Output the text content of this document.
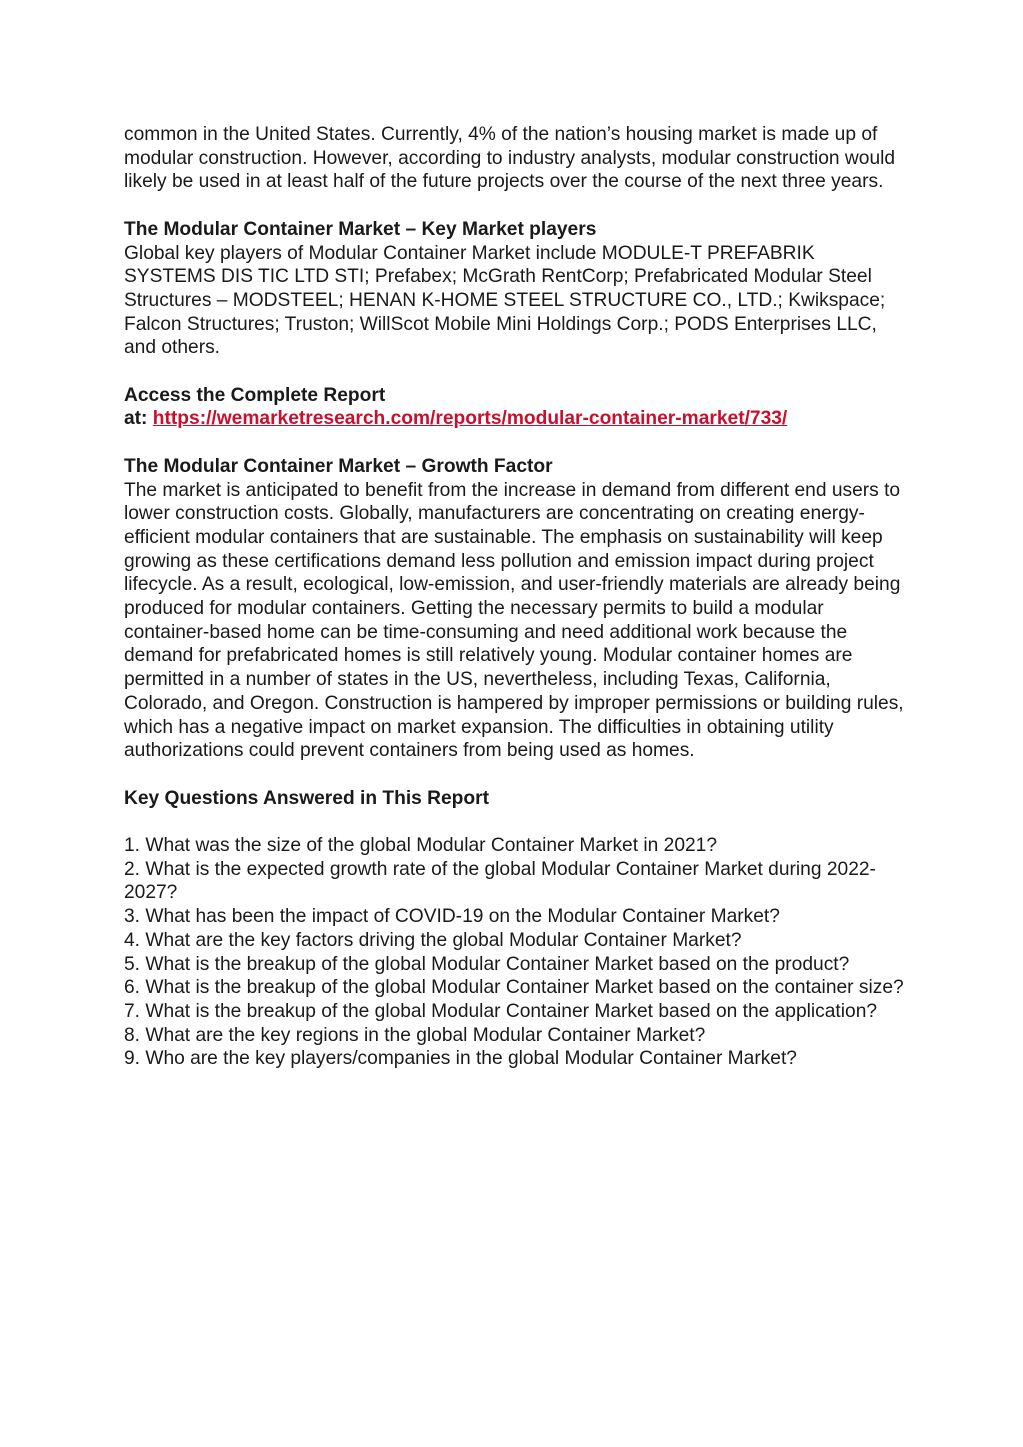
common in the United States. Currently, 4% of the nation’s housing market is made up of modular construction. However, according to industry analysts, modular construction would likely be used in at least half of the future projects over the course of the next three years.

The Modular Container Market – Key Market players

Global key players of Modular Container Market include MODULE-T PREFABRIK SYSTEMS DIS TIC LTD STI; Prefabex; McGrath RentCorp; Prefabricated Modular Steel Structures – MODSTEEL; HENAN K-HOME STEEL STRUCTURE CO., LTD.; Kwikspace; Falcon Structures; Truston; WillScot Mobile Mini Holdings Corp.; PODS Enterprises LLC, and others.

Access the Complete Report

at: https://wemarketresearch.com/reports/modular-container-market/733/

The Modular Container Market – Growth Factor

The market is anticipated to benefit from the increase in demand from different end users to lower construction costs. Globally, manufacturers are concentrating on creating energy-efficient modular containers that are sustainable. The emphasis on sustainability will keep growing as these certifications demand less pollution and emission impact during project lifecycle. As a result, ecological, low-emission, and user-friendly materials are already being produced for modular containers. Getting the necessary permits to build a modular container-based home can be time-consuming and need additional work because the demand for prefabricated homes is still relatively young. Modular container homes are permitted in a number of states in the US, nevertheless, including Texas, California, Colorado, and Oregon. Construction is hampered by improper permissions or building rules, which has a negative impact on market expansion. The difficulties in obtaining utility authorizations could prevent containers from being used as homes.

Key Questions Answered in This Report

1. What was the size of the global Modular Container Market in 2021?

2. What is the expected growth rate of the global Modular Container Market during 2022-2027?

3. What has been the impact of COVID-19 on the Modular Container Market?

4. What are the key factors driving the global Modular Container Market?

5. What is the breakup of the global Modular Container Market based on the product?

6. What is the breakup of the global Modular Container Market based on the container size?

7. What is the breakup of the global Modular Container Market based on the application?

8. What are the key regions in the global Modular Container Market?

9. Who are the key players/companies in the global Modular Container Market?
